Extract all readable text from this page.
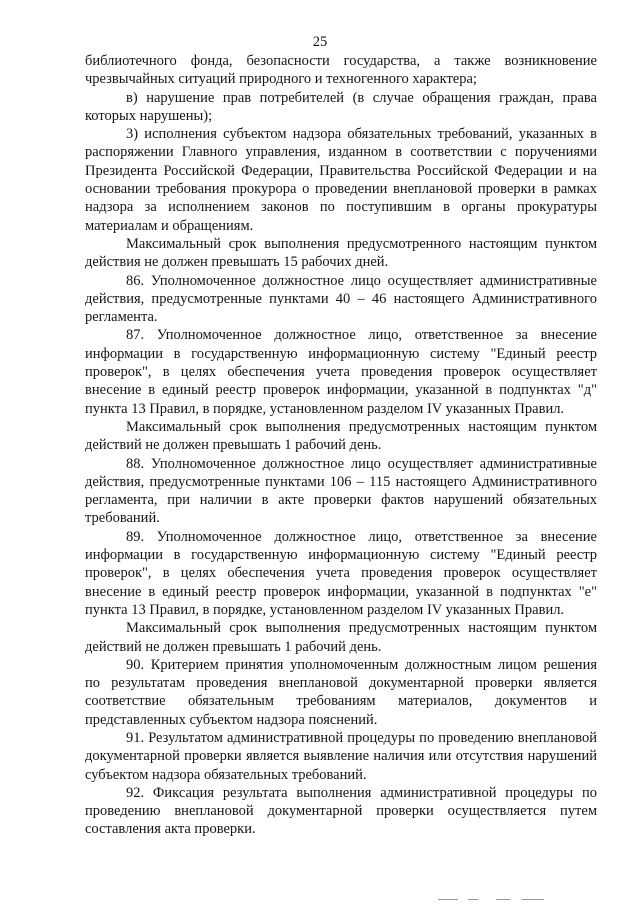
25

библиотечного фонда, безопасности государства, а также возникновение чрезвычайных ситуаций природного и техногенного характера;

в) нарушение прав потребителей (в случае обращения граждан, права которых нарушены);

3) исполнения субъектом надзора обязательных требований, указанных в распоряжении Главного управления, изданном в соответствии с поручениями Президента Российской Федерации, Правительства Российской Федерации и на основании требования прокурора о проведении внеплановой проверки в рамках надзора за исполнением законов по поступившим в органы прокуратуры материалам и обращениям.

Максимальный срок выполнения предусмотренного настоящим пунктом действия не должен превышать 15 рабочих дней.

86. Уполномоченное должностное лицо осуществляет административные действия, предусмотренные пунктами 40 – 46 настоящего Административного регламента.

87. Уполномоченное должностное лицо, ответственное за внесение информации в государственную информационную систему "Единый реестр проверок", в целях обеспечения учета проведения проверок осуществляет внесение в единый реестр проверок информации, указанной в подпунктах "д" пункта 13 Правил, в порядке, установленном разделом IV указанных Правил.

Максимальный срок выполнения предусмотренных настоящим пунктом действий не должен превышать 1 рабочий день.

88. Уполномоченное должностное лицо осуществляет административные действия, предусмотренные пунктами 106 – 115 настоящего Административного регламента, при наличии в акте проверки фактов нарушений обязательных требований.

89. Уполномоченное должностное лицо, ответственное за внесение информации в государственную информационную систему "Единый реестр проверок", в целях обеспечения учета проведения проверок осуществляет внесение в единый реестр проверок информации, указанной в подпунктах "е" пункта 13 Правил, в порядке, установленном разделом IV указанных Правил.

Максимальный срок выполнения предусмотренных настоящим пунктом действий не должен превышать 1 рабочий день.

90. Критерием принятия уполномоченным должностным лицом решения по результатам проведения внеплановой документарной проверки является соответствие обязательным требованиям материалов, документов и представленных субъектом надзора пояснений.

91. Результатом административной процедуры по проведению внеплановой документарной проверки является выявление наличия или отсутствия нарушений субъектом надзора обязательных требований.

92. Фиксация результата выполнения административной процедуры по проведению внеплановой документарной проверки осуществляется путем составления акта проверки.
